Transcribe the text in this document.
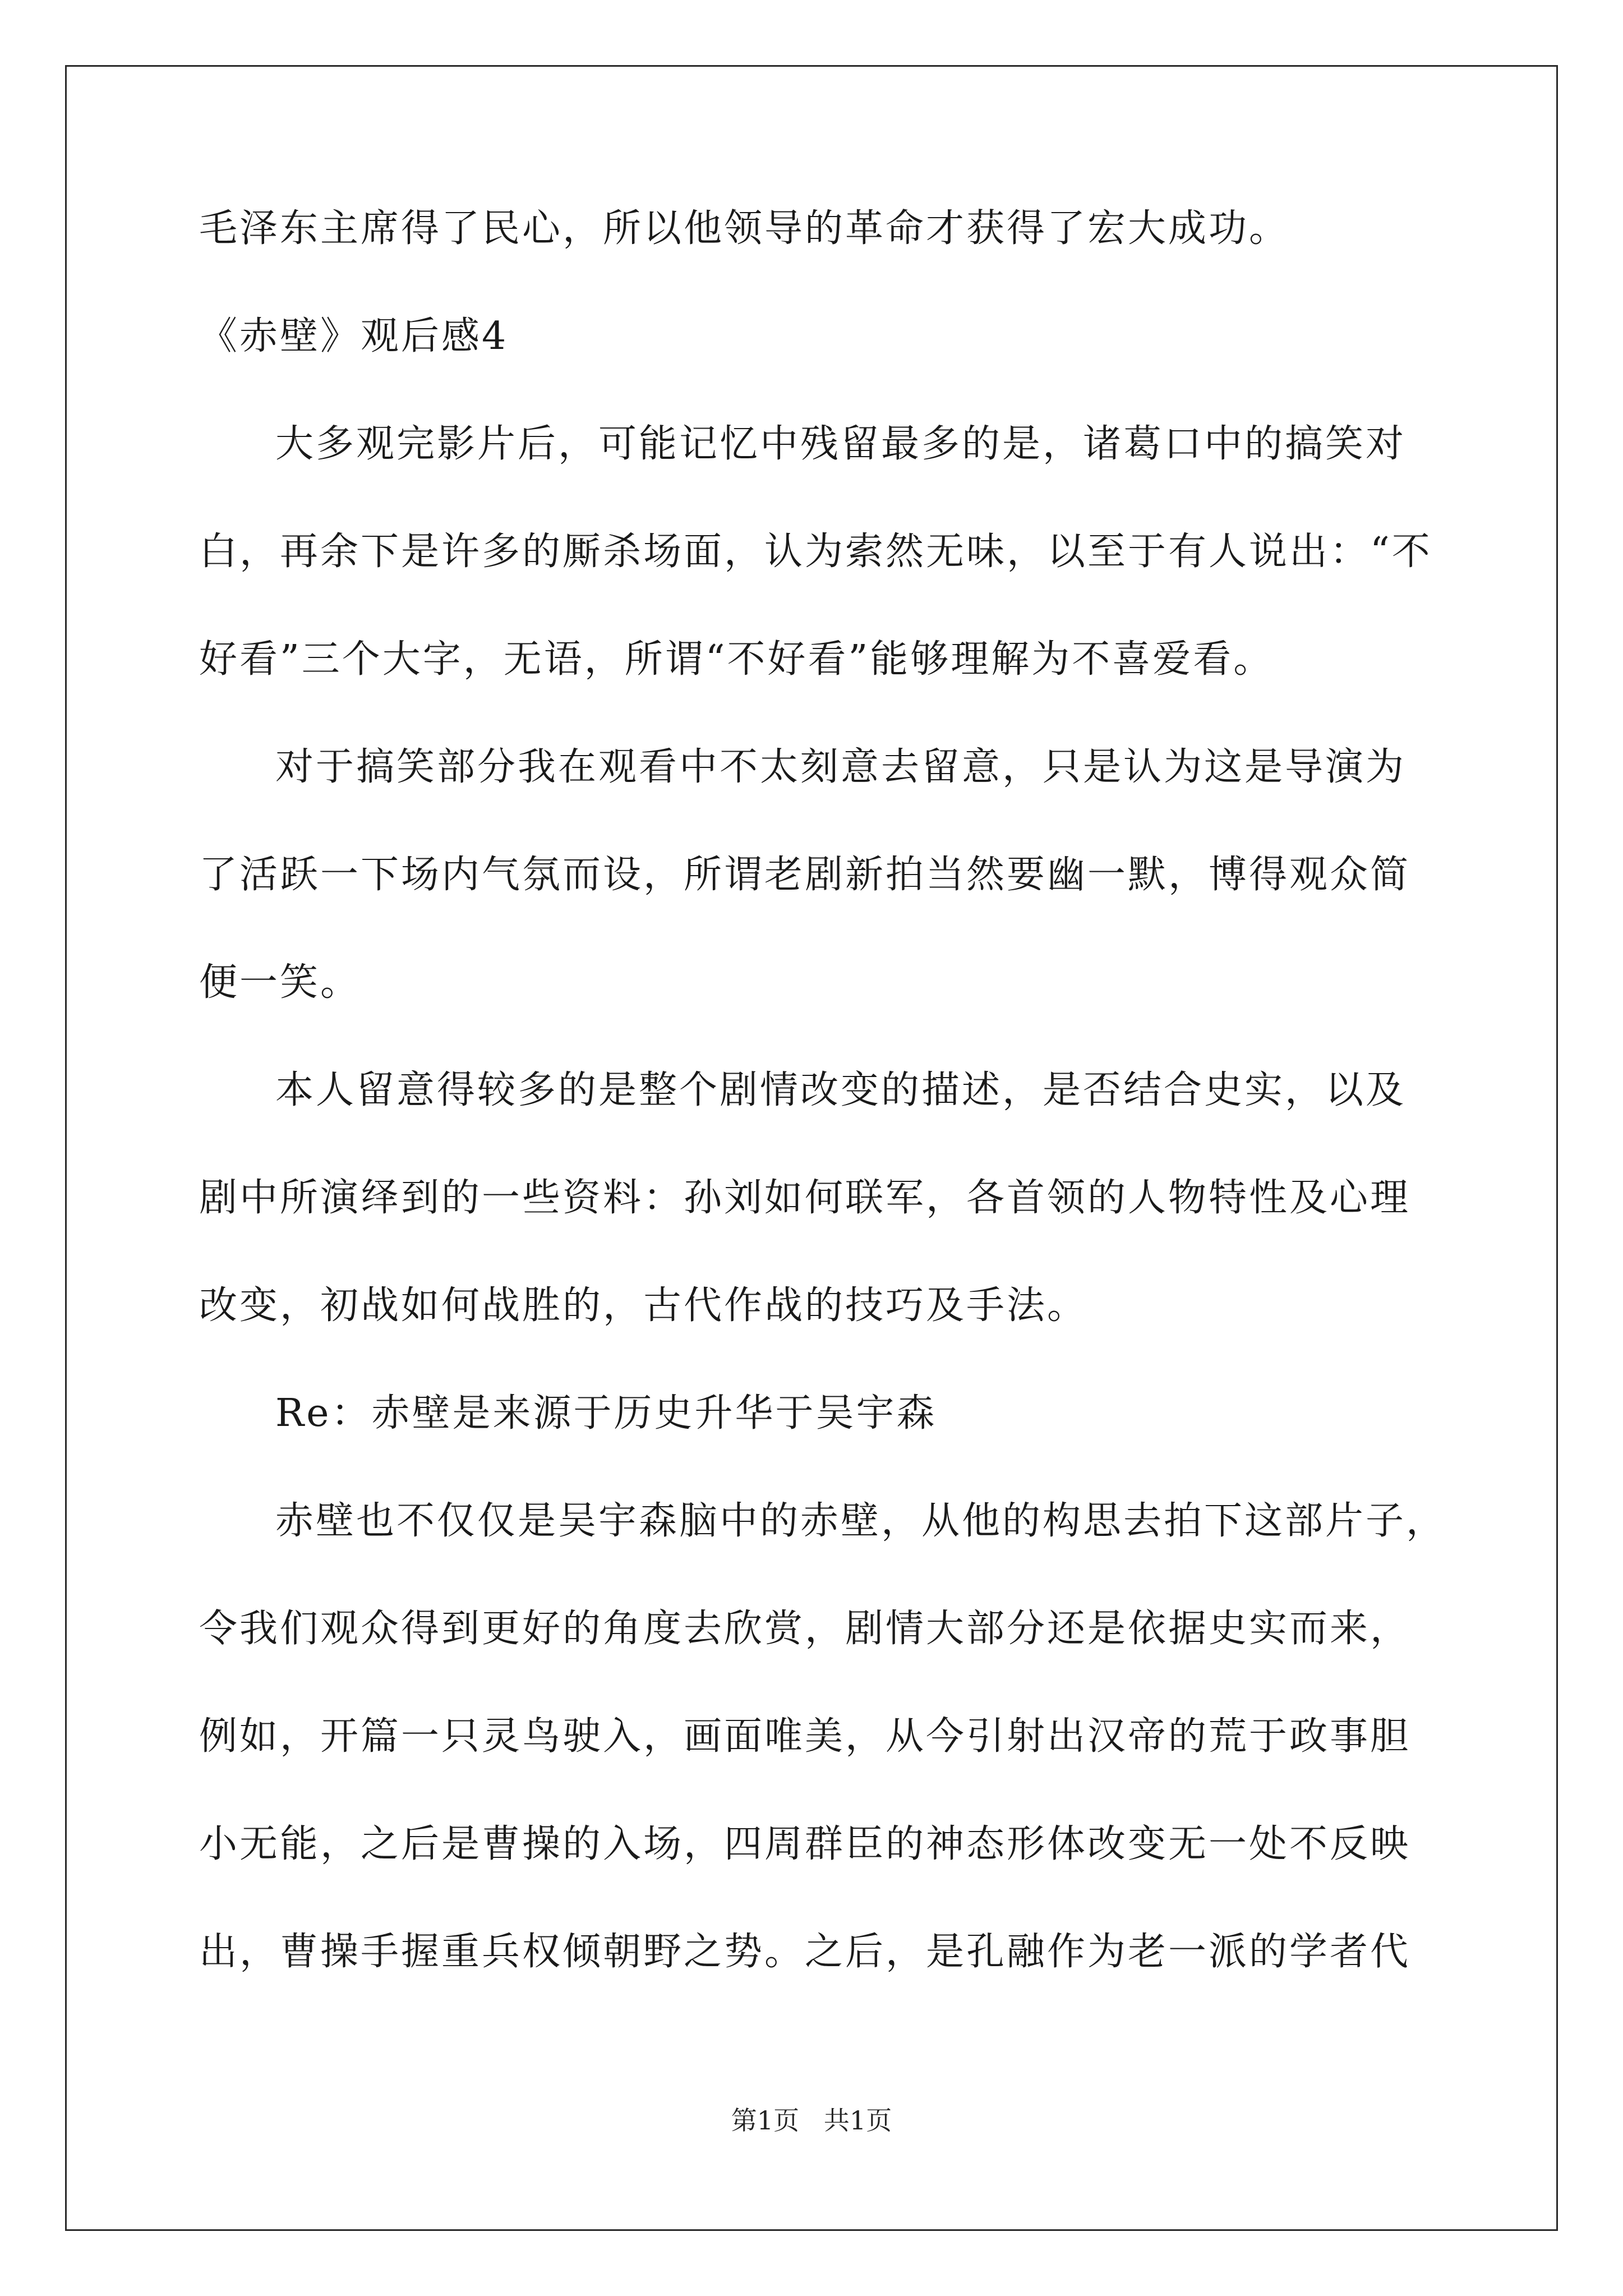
毛泽东主席得了民心，所以他领导的革命才获得了宏大成功。
《赤壁》观后感4
大多观完影片后，可能记忆中残留最多的是，诸葛口中的搞笑对
白，再余下是许多的厮杀场面，认为索然无味，以至于有人说出：“不
好看”三个大字，无语，所谓“不好看”能够理解为不喜爱看。
对于搞笑部分我在观看中不太刻意去留意，只是认为这是导演为
了活跃一下场内气氛而设，所谓老剧新拍当然要幽一默，博得观众简
便一笑。
本人留意得较多的是整个剧情改变的描述，是否结合史实，以及
剧中所演绎到的一些资料：孙刘如何联军，各首领的人物特性及心理
改变，初战如何战胜的，古代作战的技巧及手法。
Re：赤壁是来源于历史升华于吴宇森
赤壁也不仅仅是吴宇森脑中的赤壁，从他的构思去拍下这部片子，
令我们观众得到更好的角度去欣赏，剧情大部分还是依据史实而来，
例如，开篇一只灵鸟驶入，画面唯美，从今引射出汉帝的荒于政事胆
小无能，之后是曹操的入场，四周群臣的神态形体改变无一处不反映
出，曹操手握重兵权倾朝野之势。之后，是孔融作为老一派的学者代
第1页   共1页
